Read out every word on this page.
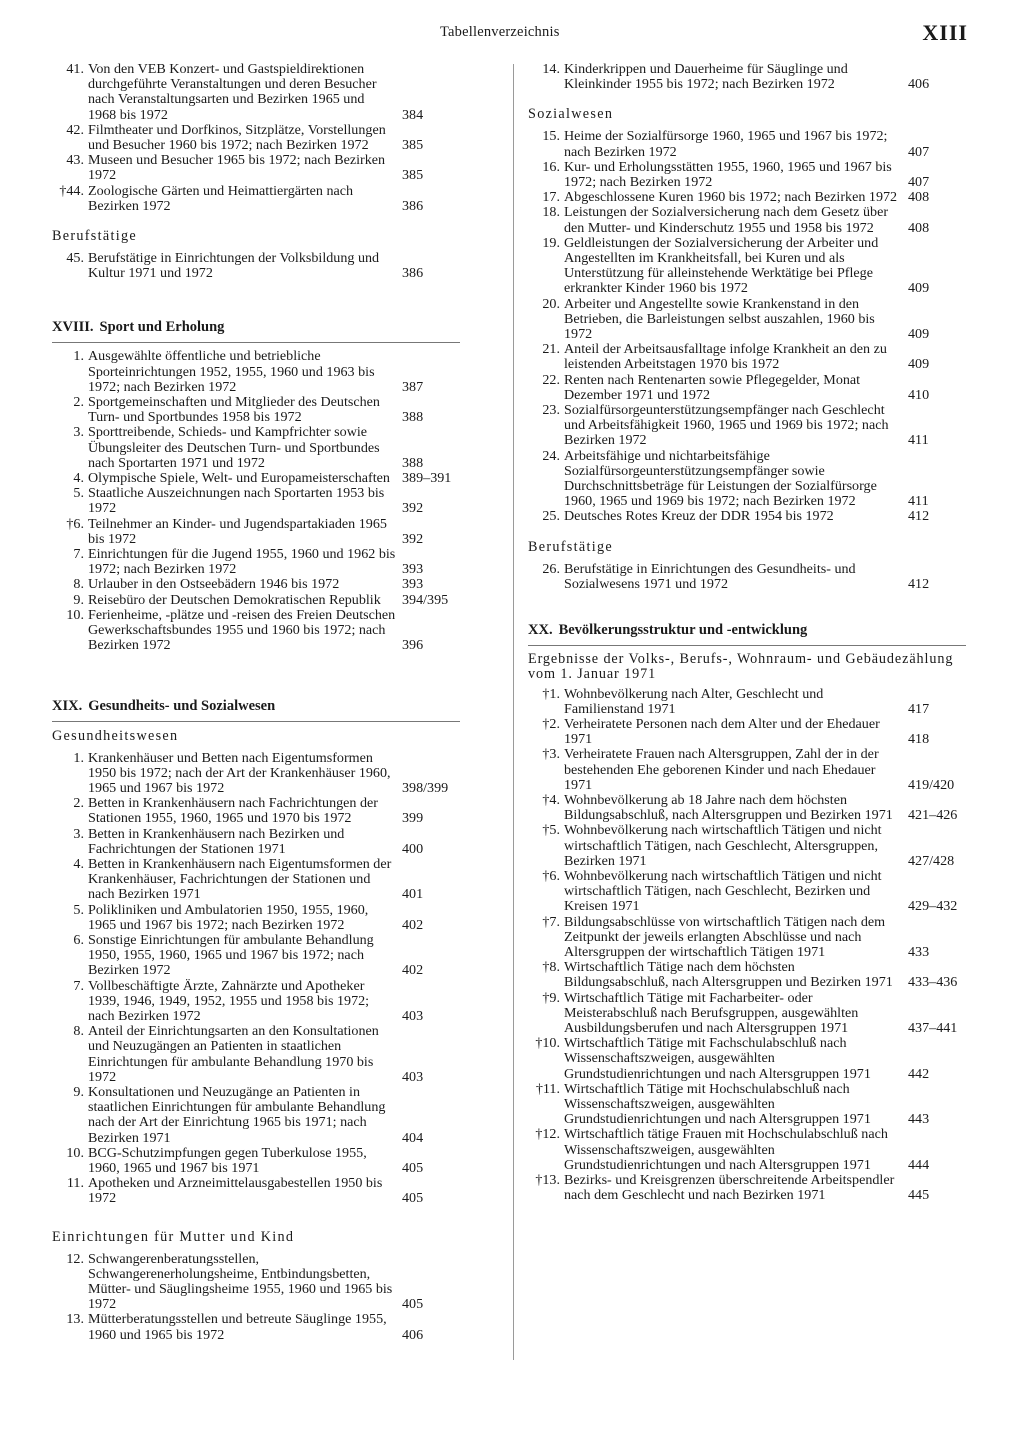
Tabellenverzeichnis	XIII
41. Von den VEB Konzert- und Gastspieldirektionen durchgeführte Veranstaltungen und deren Besucher nach Veranstaltungsarten und Bezirken 1965 und 1968 bis 1972	384
42. Filmtheater und Dorfkinos, Sitzplätze, Vorstellungen und Besucher 1960 bis 1972; nach Bezirken 1972	385
43. Museen und Besucher 1965 bis 1972; nach Bezirken 1972	385
†44. Zoologische Gärten und Heimattiergärten nach Bezirken 1972	386
Berufstätige
45. Berufstätige in Einrichtungen der Volksbildung und Kultur 1971 und 1972	386
XVIII. Sport und Erholung
1. Ausgewählte öffentliche und betriebliche Sporteinrichtungen 1952, 1955, 1960 und 1963 bis 1972; nach Bezirken 1972	387
2. Sportgemeinschaften und Mitglieder des Deutschen Turn- und Sportbundes 1958 bis 1972	388
3. Sporttreibende, Schieds- und Kampfrichter sowie Übungsleiter des Deutschen Turn- und Sportbundes nach Sportarten 1971 und 1972	388
4. Olympische Spiele, Welt- und Europameisterschaften 389–391
5. Staatliche Auszeichnungen nach Sportarten 1953 bis 1972	392
†6. Teilnehmer an Kinder- und Jugendspartakiaden 1965 bis 1972	392
7. Einrichtungen für die Jugend 1955, 1960 und 1962 bis 1972; nach Bezirken 1972	393
8. Urlauber in den Ostseebädern 1946 bis 1972	393
9. Reisebüro der Deutschen Demokratischen Republik	394/395
10. Ferienheime, -plätze und -reisen des Freien Deutschen Gewerkschaftsbundes 1955 und 1960 bis 1972; nach Bezirken 1972	396
XIX. Gesundheits- und Sozialwesen
Gesundheitswesen
1. Krankenhäuser und Betten nach Eigentumsformen 1950 bis 1972; nach der Art der Krankenhäuser 1960, 1965 und 1967 bis 1972	398/399
2. Betten in Krankenhäusern nach Fachrichtungen der Stationen 1955, 1960, 1965 und 1970 bis 1972	399
3. Betten in Krankenhäusern nach Bezirken und Fachrichtungen der Stationen 1971	400
4. Betten in Krankenhäusern nach Eigentumsformen der Krankenhäuser, Fachrichtungen der Stationen und nach Bezirken 1971	401
5. Polikliniken und Ambulatorien 1950, 1955, 1960, 1965 und 1967 bis 1972; nach Bezirken 1972	402
6. Sonstige Einrichtungen für ambulante Behandlung 1950, 1955, 1960, 1965 und 1967 bis 1972; nach Bezirken 1972	402
7. Vollbeschäftigte Ärzte, Zahnärzte und Apotheker 1939, 1946, 1949, 1952, 1955 und 1958 bis 1972; nach Bezirken 1972	403
8. Anteil der Einrichtungsarten an den Konsultationen und Neuzugängen an Patienten in staatlichen Einrichtungen für ambulante Behandlung 1970 bis 1972	403
9. Konsultationen und Neuzugänge an Patienten in staatlichen Einrichtungen für ambulante Behandlung nach der Art der Einrichtung 1965 bis 1971; nach Bezirken 1971	404
10. BCG-Schutzimpfungen gegen Tuberkulose 1955, 1960, 1965 und 1967 bis 1971	405
11. Apotheken und Arzneimittelausgabestellen 1950 bis 1972	405
Einrichtungen für Mutter und Kind
12. Schwangerenberatungsstellen, Schwangerenerholungsheime, Entbindungsbetten, Mütter- und Säuglingsheime 1955, 1960 und 1965 bis 1972	405
13. Mütterberatungsstellen und betreute Säuglinge 1955, 1960 und 1965 bis 1972	406
14. Kinderkrippen und Dauerheime für Säuglinge und Kleinkinder 1955 bis 1972; nach Bezirken 1972	406
Sozialwesen
15. Heime der Sozialfürsorge 1960, 1965 und 1967 bis 1972; nach Bezirken 1972	407
16. Kur- und Erholungsstätten 1955, 1960, 1965 und 1967 bis 1972; nach Bezirken 1972	407
17. Abgeschlossene Kuren 1960 bis 1972; nach Bezirken 1972 408
18. Leistungen der Sozialversicherung nach dem Gesetz über den Mutter- und Kinderschutz 1955 und 1958 bis 1972	408
19. Geldleistungen der Sozialversicherung der Arbeiter und Angestellten im Krankheitsfall, bei Kuren und als Unterstützung für alleinstehende Werktätige bei Pflege erkrankter Kinder 1960 bis 1972	409
20. Arbeiter und Angestellte sowie Krankenstand in den Betrieben, die Barleistungen selbst auszahlen, 1960 bis 1972	409
21. Anteil der Arbeitsausfalltage infolge Krankheit an den zu leistenden Arbeitstagen 1970 bis 1972	409
22. Renten nach Rentenarten sowie Pflegegelder, Monat Dezember 1971 und 1972	410
23. Sozialfürsorgeunterstützungsempfänger nach Geschlecht und Arbeitsfähigkeit 1960, 1965 und 1969 bis 1972; nach Bezirken 1972	411
24. Arbeitsfähige und nichtarbeitsfähige Sozialfürsorgeunterstützungsempfänger sowie Durchschnittsbeträge für Leistungen der Sozialfürsorge 1960, 1965 und 1969 bis 1972; nach Bezirken 1972	411
25. Deutsches Rotes Kreuz der DDR 1954 bis 1972	412
Berufstätige
26. Berufstätige in Einrichtungen des Gesundheits- und Sozialwesens 1971 und 1972	412
XX. Bevölkerungsstruktur und -entwicklung
Ergebnisse der Volks-, Berufs-, Wohnraum- und Gebäudezählung vom 1. Januar 1971
†1. Wohnbevölkerung nach Alter, Geschlecht und Familienstand 1971	417
†2. Verheiratete Personen nach dem Alter und der Ehedauer 1971	418
†3. Verheiratete Frauen nach Altersgruppen, Zahl der in der bestehenden Ehe geborenen Kinder und nach Ehedauer 1971	419/420
†4. Wohnbevölkerung ab 18 Jahre nach dem höchsten Bildungsabschluß, nach Altersgruppen und Bezirken 1971	421–426
†5. Wohnbevölkerung nach wirtschaftlich Tätigen und nicht wirtschaftlich Tätigen, nach Geschlecht, Altersgruppen, Bezirken 1971	427/428
†6. Wohnbevölkerung nach wirtschaftlich Tätigen und nicht wirtschaftlich Tätigen, nach Geschlecht, Bezirken und Kreisen 1971	429–432
†7. Bildungsabschlüsse von wirtschaftlich Tätigen nach dem Zeitpunkt der jeweils erlangten Abschlüsse und nach Altersgruppen der wirtschaftlich Tätigen 1971	433
†8. Wirtschaftlich Tätige nach dem höchsten Bildungsabschluß, nach Altersgruppen und Bezirken 1971	433–436
†9. Wirtschaftlich Tätige mit Facharbeiter- oder Meisterabschluß nach Berufsgruppen, ausgewählten Ausbildungsberufen und nach Altersgruppen 1971	437–441
†10. Wirtschaftlich Tätige mit Fachschulabschluß nach Wissenschaftszweigen, ausgewählten Grundstudienrichtungen und nach Altersgruppen 1971	442
†11. Wirtschaftlich Tätige mit Hochschulabschluß nach Wissenschaftszweigen, ausgewählten Grundstudienrichtungen und nach Altersgruppen 1971	443
†12. Wirtschaftlich tätige Frauen mit Hochschulabschluß nach Wissenschaftszweigen, ausgewählten Grundstudienrichtungen und nach Altersgruppen 1971	444
†13. Bezirks- und Kreisgrenzen überschreitende Arbeitspendler nach dem Geschlecht und nach Bezirken 1971	445
